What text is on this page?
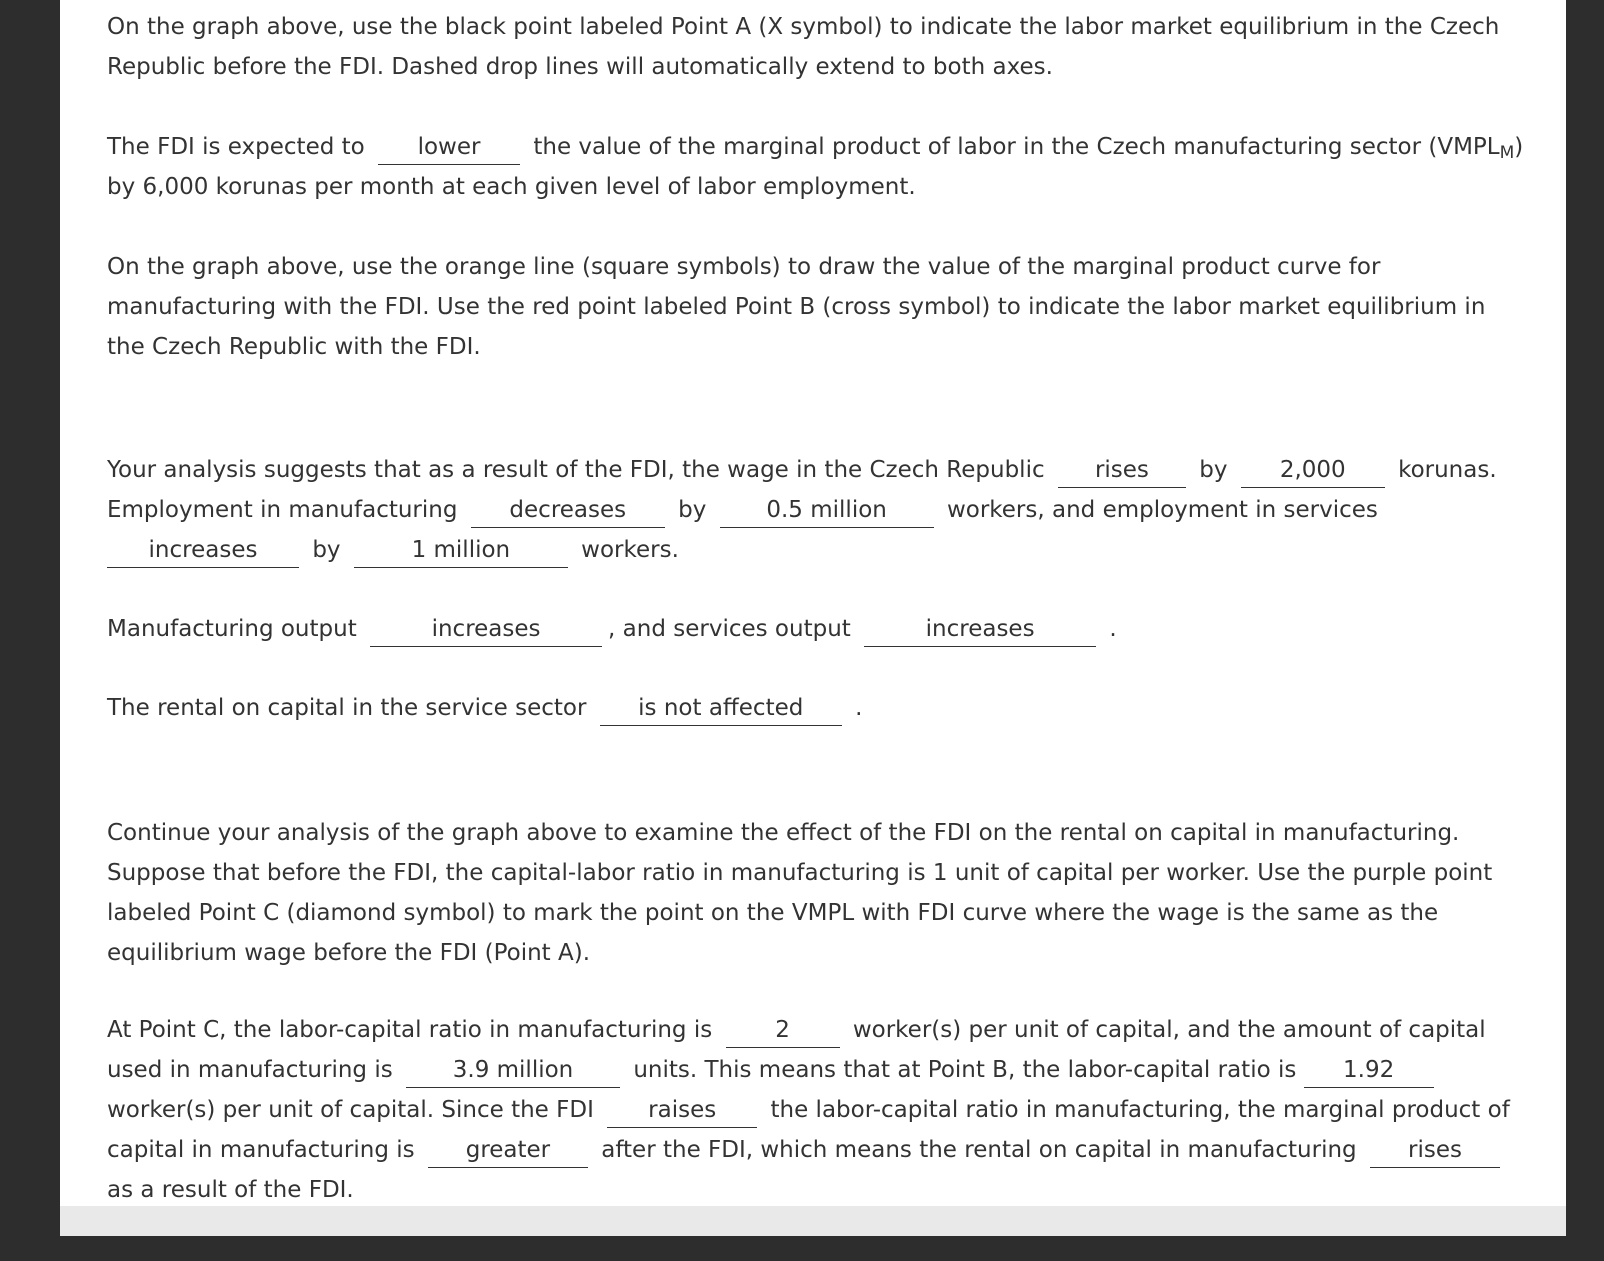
On the graph above, use the black point labeled Point A (X symbol) to indicate the labor market equilibrium in the Czech Republic before the FDI. Dashed drop lines will automatically extend to both axes.
The FDI is expected to lower the value of the marginal product of labor in the Czech manufacturing sector $(VMPL_M)$ by 6,000 korunas per month at each given level of labor employment.
On the graph above, use the orange line (square symbols) to draw the value of the marginal product curve for manufacturing with the FDI. Use the red point labeled Point B (cross symbol) to indicate the labor market equilibrium in the Czech Republic with the FDI.
Your analysis suggests that as a result of the FDI, the wage in the Czech Republic rises by 2,000 korunas. Employment in manufacturing decreases by	0.5 million	workers, and employment in services increases by	1 million	workers.
Manufacturing output	increases	, and services output	increases	.
The rental on capital in the service sector is not affected .
Continue your analysis of the graph above to examine the effect of the FDI on the rental on capital in manufacturing. Suppose that before the FDI, the capital-labor ratio in manufacturing is 1 unit of capital per worker. Use the purple point labeled Point C (diamond symbol) to mark the point on the VMPL with FDI curve where the wage is the same as the equilibrium wage before the FDI (Point A).
At Point C, the labor-capital ratio in manufacturing is	2	worker(s) per unit of capital, and the amount of capital used in manufacturing is	3.9 million	units. This means that at Point B, the labor-capital ratio is 1.92 worker(s) per unit of capital. Since the FDI raises the labor-capital ratio in manufacturing, the marginal product of capital in manufacturing is greater after the FDI, which means the rental on capital in manufacturing rises as a result of the FDI.
